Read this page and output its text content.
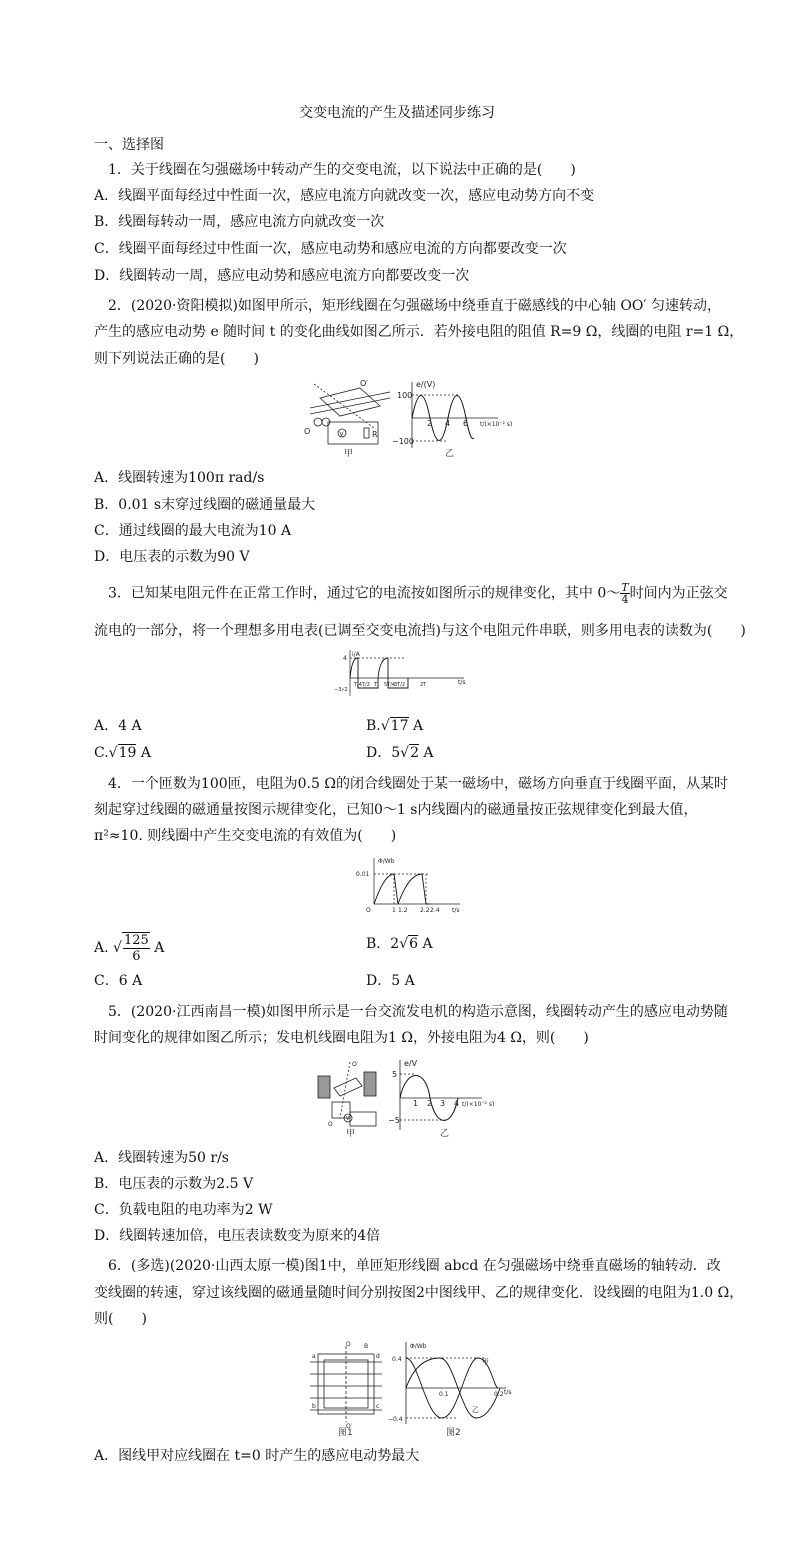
交变电流的产生及描述同步练习
一、选择图
1．关于线圈在匀强磁场中转动产生的交变电流，以下说法中正确的是(　　)
A．线圈平面每经过中性面一次，感应电流方向就改变一次，感应电动势方向不变
B．线圈每转动一周，感应电流方向就改变一次
C．线圈平面每经过中性面一次，感应电动势和感应电流的方向都要改变一次
D．线圈转动一周，感应电动势和感应电流方向都要改变一次
2．(2020·资阳模拟)如图甲所示，矩形线圈在匀强磁场中绕垂直于磁感线的中心轴 OO′ 匀速转动，
产生的感应电动势 e 随时间 t 的变化曲线如图乙所示．若外接电阻的阻值 R=9 Ω，线圈的电阻 r=1 Ω，
则下列说法正确的是(　　)
O
O′
R
V
甲
e/(V)
100
−100
2 4 6 t/(×10⁻² s)
乙
A．线圈转速为100π rad/s
B．0.01 s末穿过线圈的磁通量最大
C．通过线圈的最大电流为10 A
D．电压表的示数为90 V
3．已知某电阻元件在正常工作时，通过它的电流按如图所示的规律变化，其中 0～ $\frac{T}{4}$ 时间内为正弦交
流电的一部分，将一个理想多用电表(已调至交变电流挡)与这个电阻元件串联，则多用电表的读数为(　　)
i/A
4
−3√2
T/4 T/2 T 5T/4
3T/2	2T	t/s
A．4 A	B.√17 A
C.√19 A	D．5√2 A
4．一个匝数为100匝，电阻为0.5 Ω的闭合线圈处于某一磁场中，磁场方向垂直于线圈平面，从某时
刻起穿过线圈的磁通量按图示规律变化，已知0～1 s内线圈内的磁通量按正弦规律变化到最大值，
π²≈10. 则线圈中产生交变电流的有效值为(　　)
Φ/Wb
0.01
O	1 1.2 2.2 2.4 t/s
A. √ $\frac{125}{6}$ A	B．2√6 A
C．6 A	D．5 A
5．(2020·江西南昌一模)如图甲所示是一台交流发电机的构造示意图，线圈转动产生的感应电动势随
时间变化的规律如图乙所示；发电机线圈电阻为1 Ω，外接电阻为4 Ω，则(　　)
O′
O
V
甲
e/V
5
−5
1 2 3 4 t/(×10⁻² s)
乙
A．线圈转速为50 r/s
B．电压表的示数为2.5 V
C．负载电阻的电功率为2 W
D．线圈转速加倍，电压表读数变为原来的4倍
6．(多选)(2020·山西太原一模)图1中，单匝矩形线圈 abcd 在匀强磁场中绕垂直磁场的轴转动．改
变线圈的转速，穿过该线圈的磁通量随时间分别按图2中图线甲、乙的规律变化．设线圈的电阻为1.0 Ω，
则(　　)
O
O′
B
a
b	c
d
图1
Φ/Wb
0.4
−0.4
0.1	0.2 t/s
甲
乙
图2
A．图线甲对应线圈在 t=0 时产生的感应电动势最大
